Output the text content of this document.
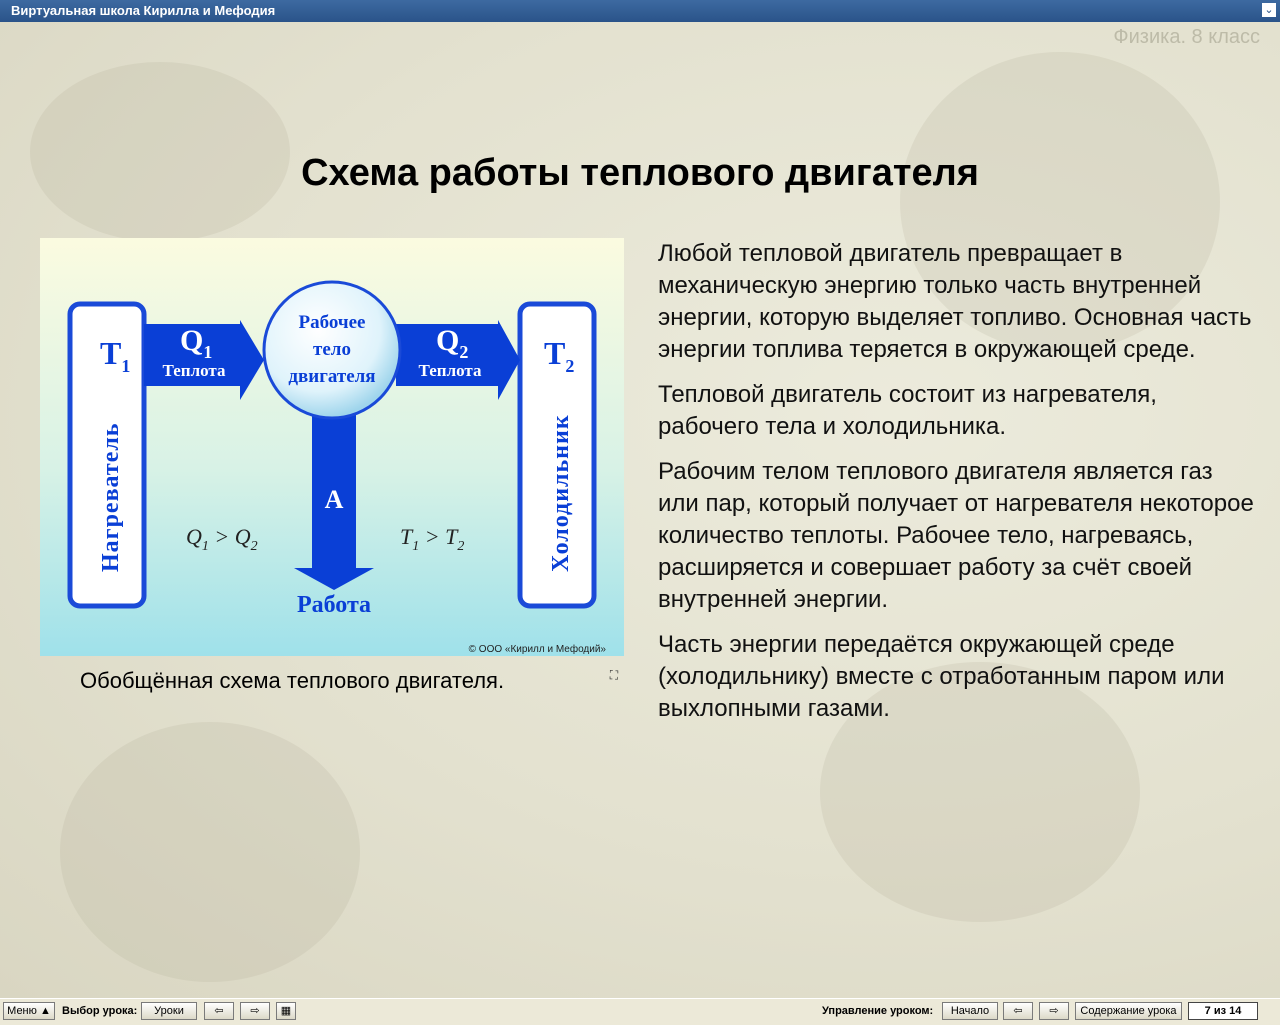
Виртуальная школа Кирилла и Мефодия	⌄
Физика. 8 класс
Схема работы теплового двигателя
$T_1$
Нагреватель
$T_2$
Холодильник
$Q_1$
Теплота
$Q_2$
Теплота
Рабочее
тело
двигателя
A
Работа
$Q_1 > Q_2$	$T_1 > T_2$
© ООО «Кирилл и Мефодий»
Обобщённая схема теплового двигателя.	⛶

Любой тепловой двигатель превращает в механическую энергию только часть внутренней энергии, которую выделяет топливо. Основная часть энергии топлива теряется в окружающей среде.

Тепловой двигатель состоит из нагревателя, рабочего тела и холодильника.

Рабочим телом теплового двигателя является газ или пар, который получает от нагревателя некоторое количество теплоты. Рабочее тело, нагреваясь, расширяется и совершает работу за счёт своей внутренней энергии.

Часть энергии передаётся окружающей среде (холодильнику) вместе с отработанным паром или выхлопными газами.

Меню ▲	Выбор урока:	Уроки	⇦	⇨	▦	Управление уроком:	Начало	⇦	⇨	Содержание урока	7 из 14
